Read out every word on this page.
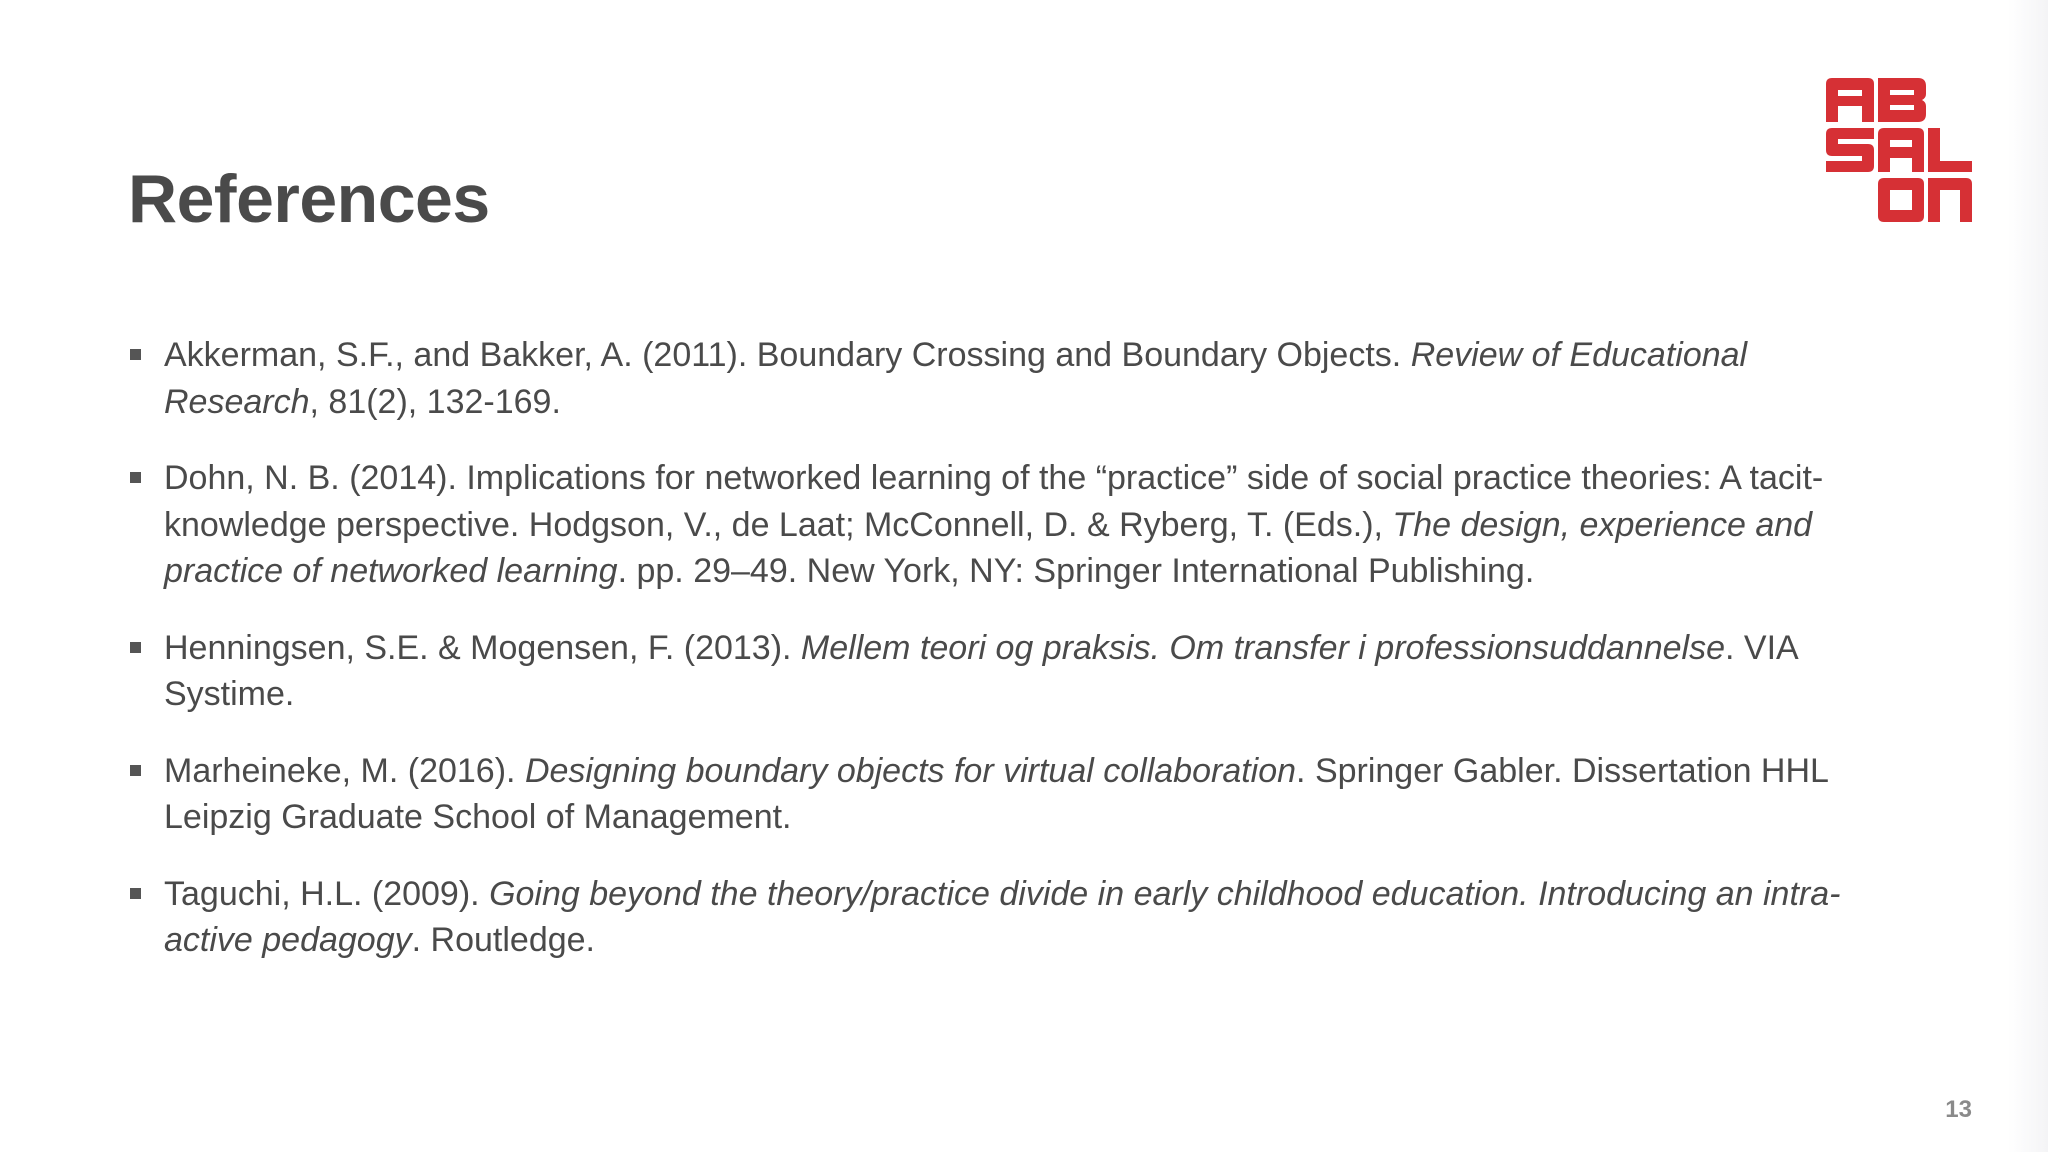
References
Akkerman, S.F., and Bakker, A. (2011). Boundary Crossing and Boundary Objects. Review of Educational Research, 81(2), 132-169.
Dohn, N. B. (2014). Implications for networked learning of the “practice” side of social practice theories: A tacit-knowledge perspective. Hodgson, V., de Laat; McConnell, D. & Ryberg, T. (Eds.), The design, experience and practice of networked learning. pp. 29–49. New York, NY: Springer International Publishing.
Henningsen, S.E. & Mogensen, F. (2013). Mellem teori og praksis. Om transfer i professionsuddannelse. VIA Systime.
Marheineke, M. (2016). Designing boundary objects for virtual collaboration. Springer Gabler. Dissertation HHL Leipzig Graduate School of Management.
Taguchi, H.L. (2009). Going beyond the theory/practice divide in early childhood education. Introducing an intra-active pedagogy. Routledge.
13
